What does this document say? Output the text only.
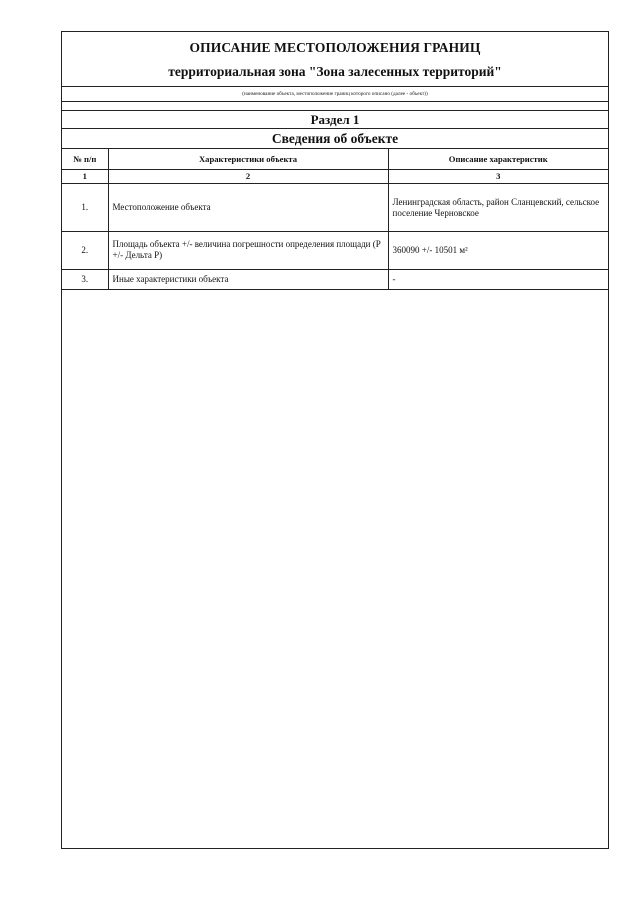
ОПИСАНИЕ МЕСТОПОЛОЖЕНИЯ ГРАНИЦ
территориальная зона "Зона залесенных территорий"
(наименование объекта, местоположение границ которого описано (далее - объект))
Раздел 1
Сведения об объекте
№ п/п	Характеристики объекта	Описание характеристик
1	2	3
1.	Местоположение объекта	Ленинградская область, район Сланцевский, сельское поселение Черновское
2.	Площадь объекта +/- величина погрешности определения площади (Р +/- Дельта Р)	360090 +/- 10501 м²
3.	Иные характеристики объекта	-
